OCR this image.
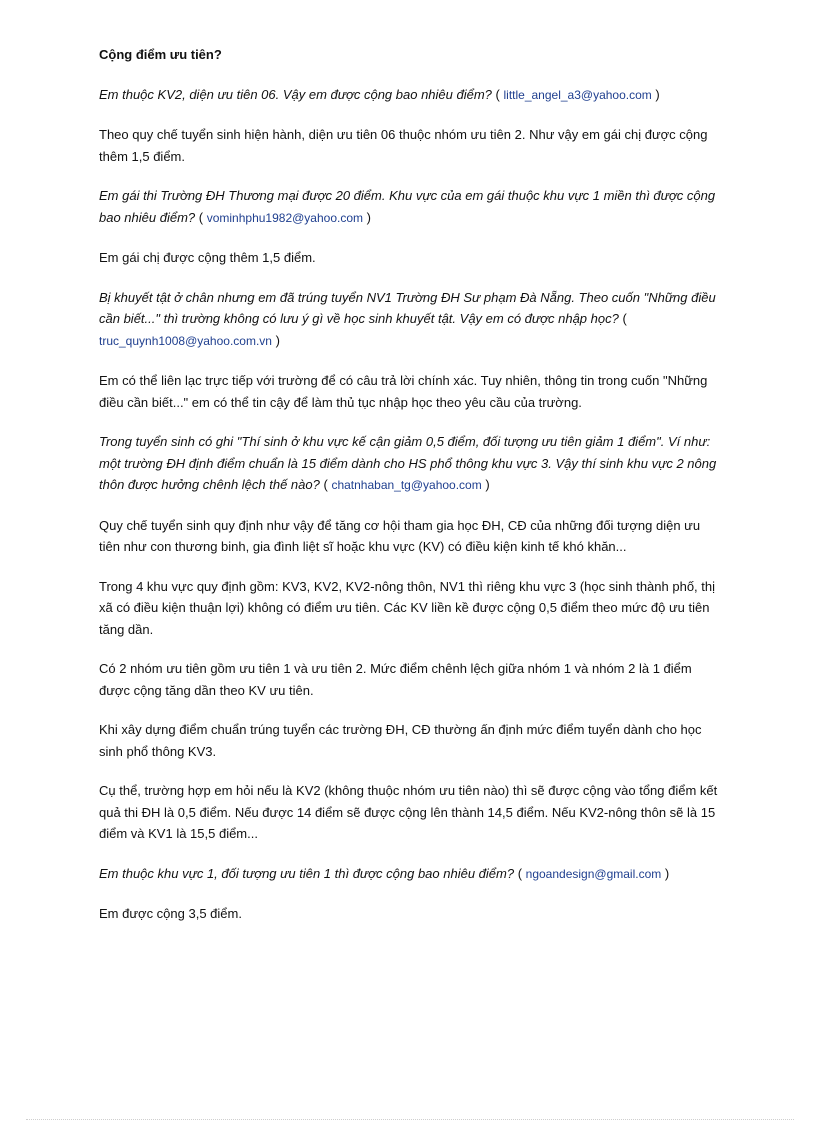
Cộng điểm ưu tiên?
Em thuộc KV2, diện ưu tiên 06. Vậy em được cộng bao nhiêu điểm? ( little_angel_a3@yahoo.com )
Theo quy chế tuyển sinh hiện hành, diện ưu tiên 06 thuộc nhóm ưu tiên 2. Như vậy em gái chị được cộng thêm 1,5 điểm.
Em gái thi Trường ĐH Thương mại được 20 điểm. Khu vực của em gái thuộc khu vực 1 miền thì được cộng bao nhiêu điểm? ( vominhphu1982@yahoo.com )
Em gái chị được cộng thêm 1,5 điểm.
Bị khuyết tật ở chân nhưng em đã trúng tuyển NV1 Trường ĐH Sư phạm Đà Nẵng. Theo cuốn "Những điều cần biết..." thì trường không có lưu ý gì về học sinh khuyết tật. Vậy em có được nhập học? ( truc_quynh1008@yahoo.com.vn )
Em có thể liên lạc trực tiếp với trường để có câu trả lời chính xác. Tuy nhiên, thông tin trong cuốn "Những điều cần biết..." em có thể tin cậy để làm thủ tục nhập học theo yêu cầu của trường.
Trong tuyển sinh có ghi "Thí sinh ở khu vực kế cận giảm 0,5 điểm, đối tượng ưu tiên giảm 1 điểm". Ví như: một trường ĐH định điểm chuẩn là 15 điểm dành cho HS phổ thông khu vực 3. Vậy thí sinh khu vực 2 nông thôn được hưởng chênh lệch thế nào? ( chatnhaban_tg@yahoo.com )
Quy chế tuyển sinh quy định như vậy để tăng cơ hội tham gia học ĐH, CĐ của những đối tượng diện ưu tiên như con thương binh, gia đình liệt sĩ hoặc khu vực (KV) có điều kiện kinh tế khó khăn...
Trong 4 khu vực quy định gồm: KV3, KV2, KV2-nông thôn, NV1 thì riêng khu vực 3 (học sinh thành phố, thị xã có điều kiện thuận lợi) không có điểm ưu tiên. Các KV liền kề được cộng 0,5 điểm theo mức độ ưu tiên tăng dần.
Có 2 nhóm ưu tiên gồm ưu tiên 1 và ưu tiên 2. Mức điểm chênh lệch giữa nhóm 1 và nhóm 2 là 1 điểm được cộng tăng dần theo KV ưu tiên.
Khi xây dựng điểm chuẩn trúng tuyển các trường ĐH, CĐ thường ấn định mức điểm tuyển dành cho học sinh phổ thông KV3.
Cụ thể, trường hợp em hỏi nếu là KV2 (không thuộc nhóm ưu tiên nào) thì sẽ được cộng vào tổng điểm kết quả thi ĐH là 0,5 điểm. Nếu được 14 điểm sẽ được cộng lên thành 14,5 điểm. Nếu KV2-nông thôn sẽ là 15 điểm và KV1 là 15,5 điểm...
Em thuộc khu vực 1, đối tượng ưu tiên 1 thì được cộng bao nhiêu điểm? ( ngoandesign@gmail.com )
Em được cộng 3,5 điểm.
